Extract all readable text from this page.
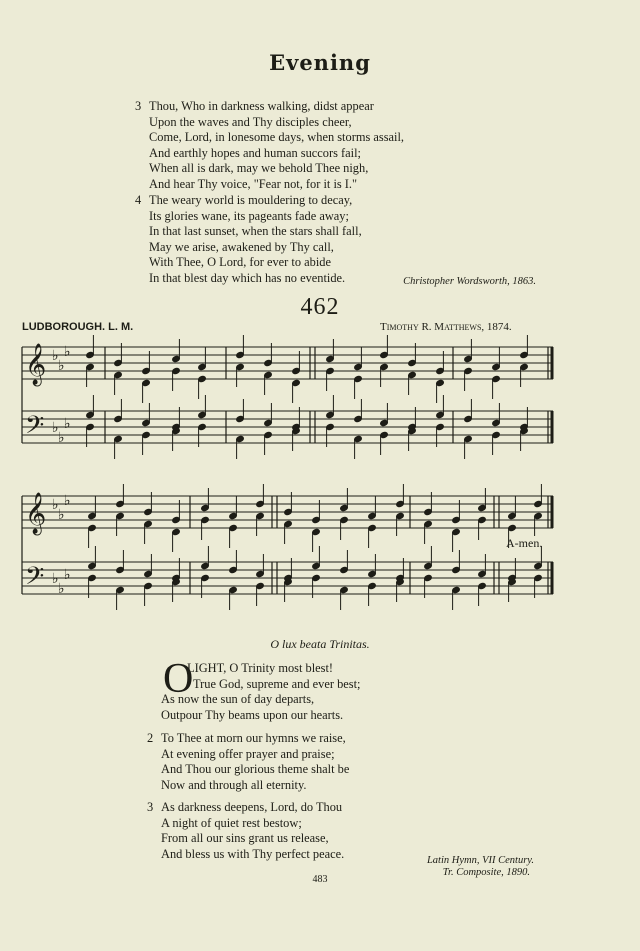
Evening
3 Thou, Who in darkness walking, didst appear
Upon the waves and Thy disciples cheer,
Come, Lord, in lonesome days, when storms assail,
And earthly hopes and human succors fail;
When all is dark, may we behold Thee nigh,
And hear Thy voice, "Fear not, for it is I."
4 The weary world is mouldering to decay,
Its glories wane, its pageants fade away;
In that last sunset, when the stars shall fall,
May we arise, awakened by Thy call,
With Thee, O Lord, for ever to abide
In that blest day which has no eventide.	Christopher Wordsworth, 1863.
462
LUDBOROUGH. L. M.	Timothy R. Matthews, 1874.
𝄞
𝄢
𝄞
𝄢
♭
♭
♭
♭
♭
♭
♭
♭
♭
♭
♭
♭
A-men.
O lux beata Trinitas.
O
LIGHT, O Trinity most blest!
True God, supreme and ever best;
As now the sun of day departs,
Outpour Thy beams upon our hearts.
2 To Thee at morn our hymns we raise,
At evening offer prayer and praise;
And Thou our glorious theme shalt be
Now and through all eternity.
3 As darkness deepens, Lord, do Thou
A night of quiet rest bestow;
From all our sins grant us release,
And bless us with Thy perfect peace.	Latin Hymn, VII Century.
Tr. Composite, 1890.
483
